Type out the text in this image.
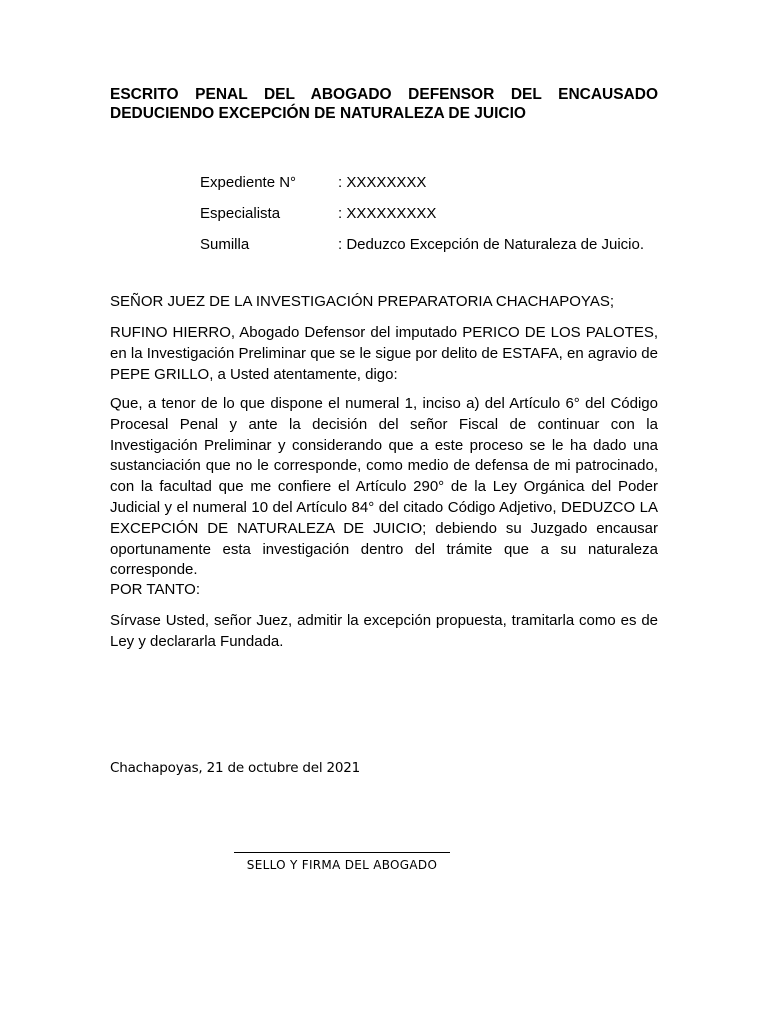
ESCRITO PENAL DEL ABOGADO DEFENSOR DEL ENCAUSADO
DEDUCIENDO EXCEPCIÓN DE NATURALEZA DE JUICIO
Expediente N°	: XXXXXXXX
Especialista	: XXXXXXXXX
Sumilla	: Deduzco Excepción de Naturaleza de Juicio.

SEÑOR JUEZ DE LA INVESTIGACIÓN PREPARATORIA CHACHAPOYAS;

RUFINO HIERRO, Abogado Defensor del imputado PERICO DE LOS PALOTES, en la Investigación Preliminar que se le sigue por delito de ESTAFA, en agravio de PEPE GRILLO, a Usted atentamente, digo:

Que, a tenor de lo que dispone el numeral 1, inciso a) del Artículo 6° del Código Procesal Penal y ante la decisión del señor Fiscal de continuar con la Investigación Preliminar y considerando que a este proceso se le ha dado una sustanciación que no le corresponde, como medio de defensa de mi patrocinado, con la facultad que me confiere el Artículo 290° de la Ley Orgánica del Poder Judicial y el numeral 10 del Artículo 84° del citado Código Adjetivo, DEDUZCO LA EXCEPCIÓN DE NATURALEZA DE JUICIO; debiendo su Juzgado encausar oportunamente esta investigación dentro del trámite que a su naturaleza corresponde.

POR TANTO:

Sírvase Usted, señor Juez, admitir la excepción propuesta, tramitarla como es de Ley y declararla Fundada.

Chachapoyas, 21 de octubre del 2021

SELLO Y FIRMA DEL ABOGADO
